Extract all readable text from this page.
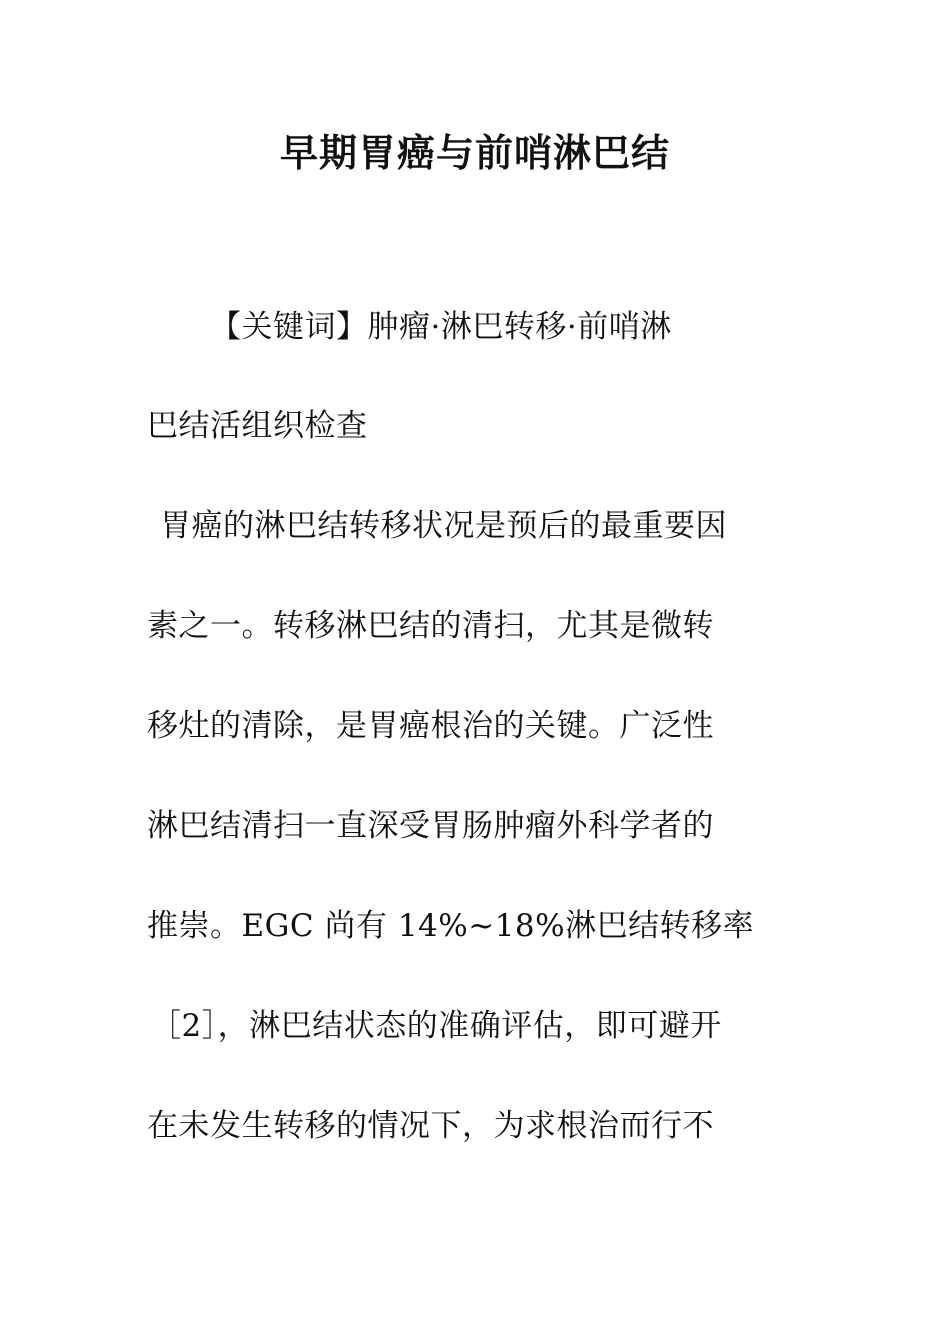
早期胃癌与前哨淋巴结
【关键词】肿瘤·淋巴转移·前哨淋
巴结活组织检查
胃癌的淋巴结转移状况是预后的最重要因
素之一。转移淋巴结的清扫，尤其是微转
移灶的清除，是胃癌根治的关键。广泛性
淋巴结清扫一直深受胃肠肿瘤外科学者的
推崇。EGC 尚有 14%~18%淋巴结转移率
［2］，淋巴结状态的准确评估，即可避开
在未发生转移的情况下，为求根治而行不
